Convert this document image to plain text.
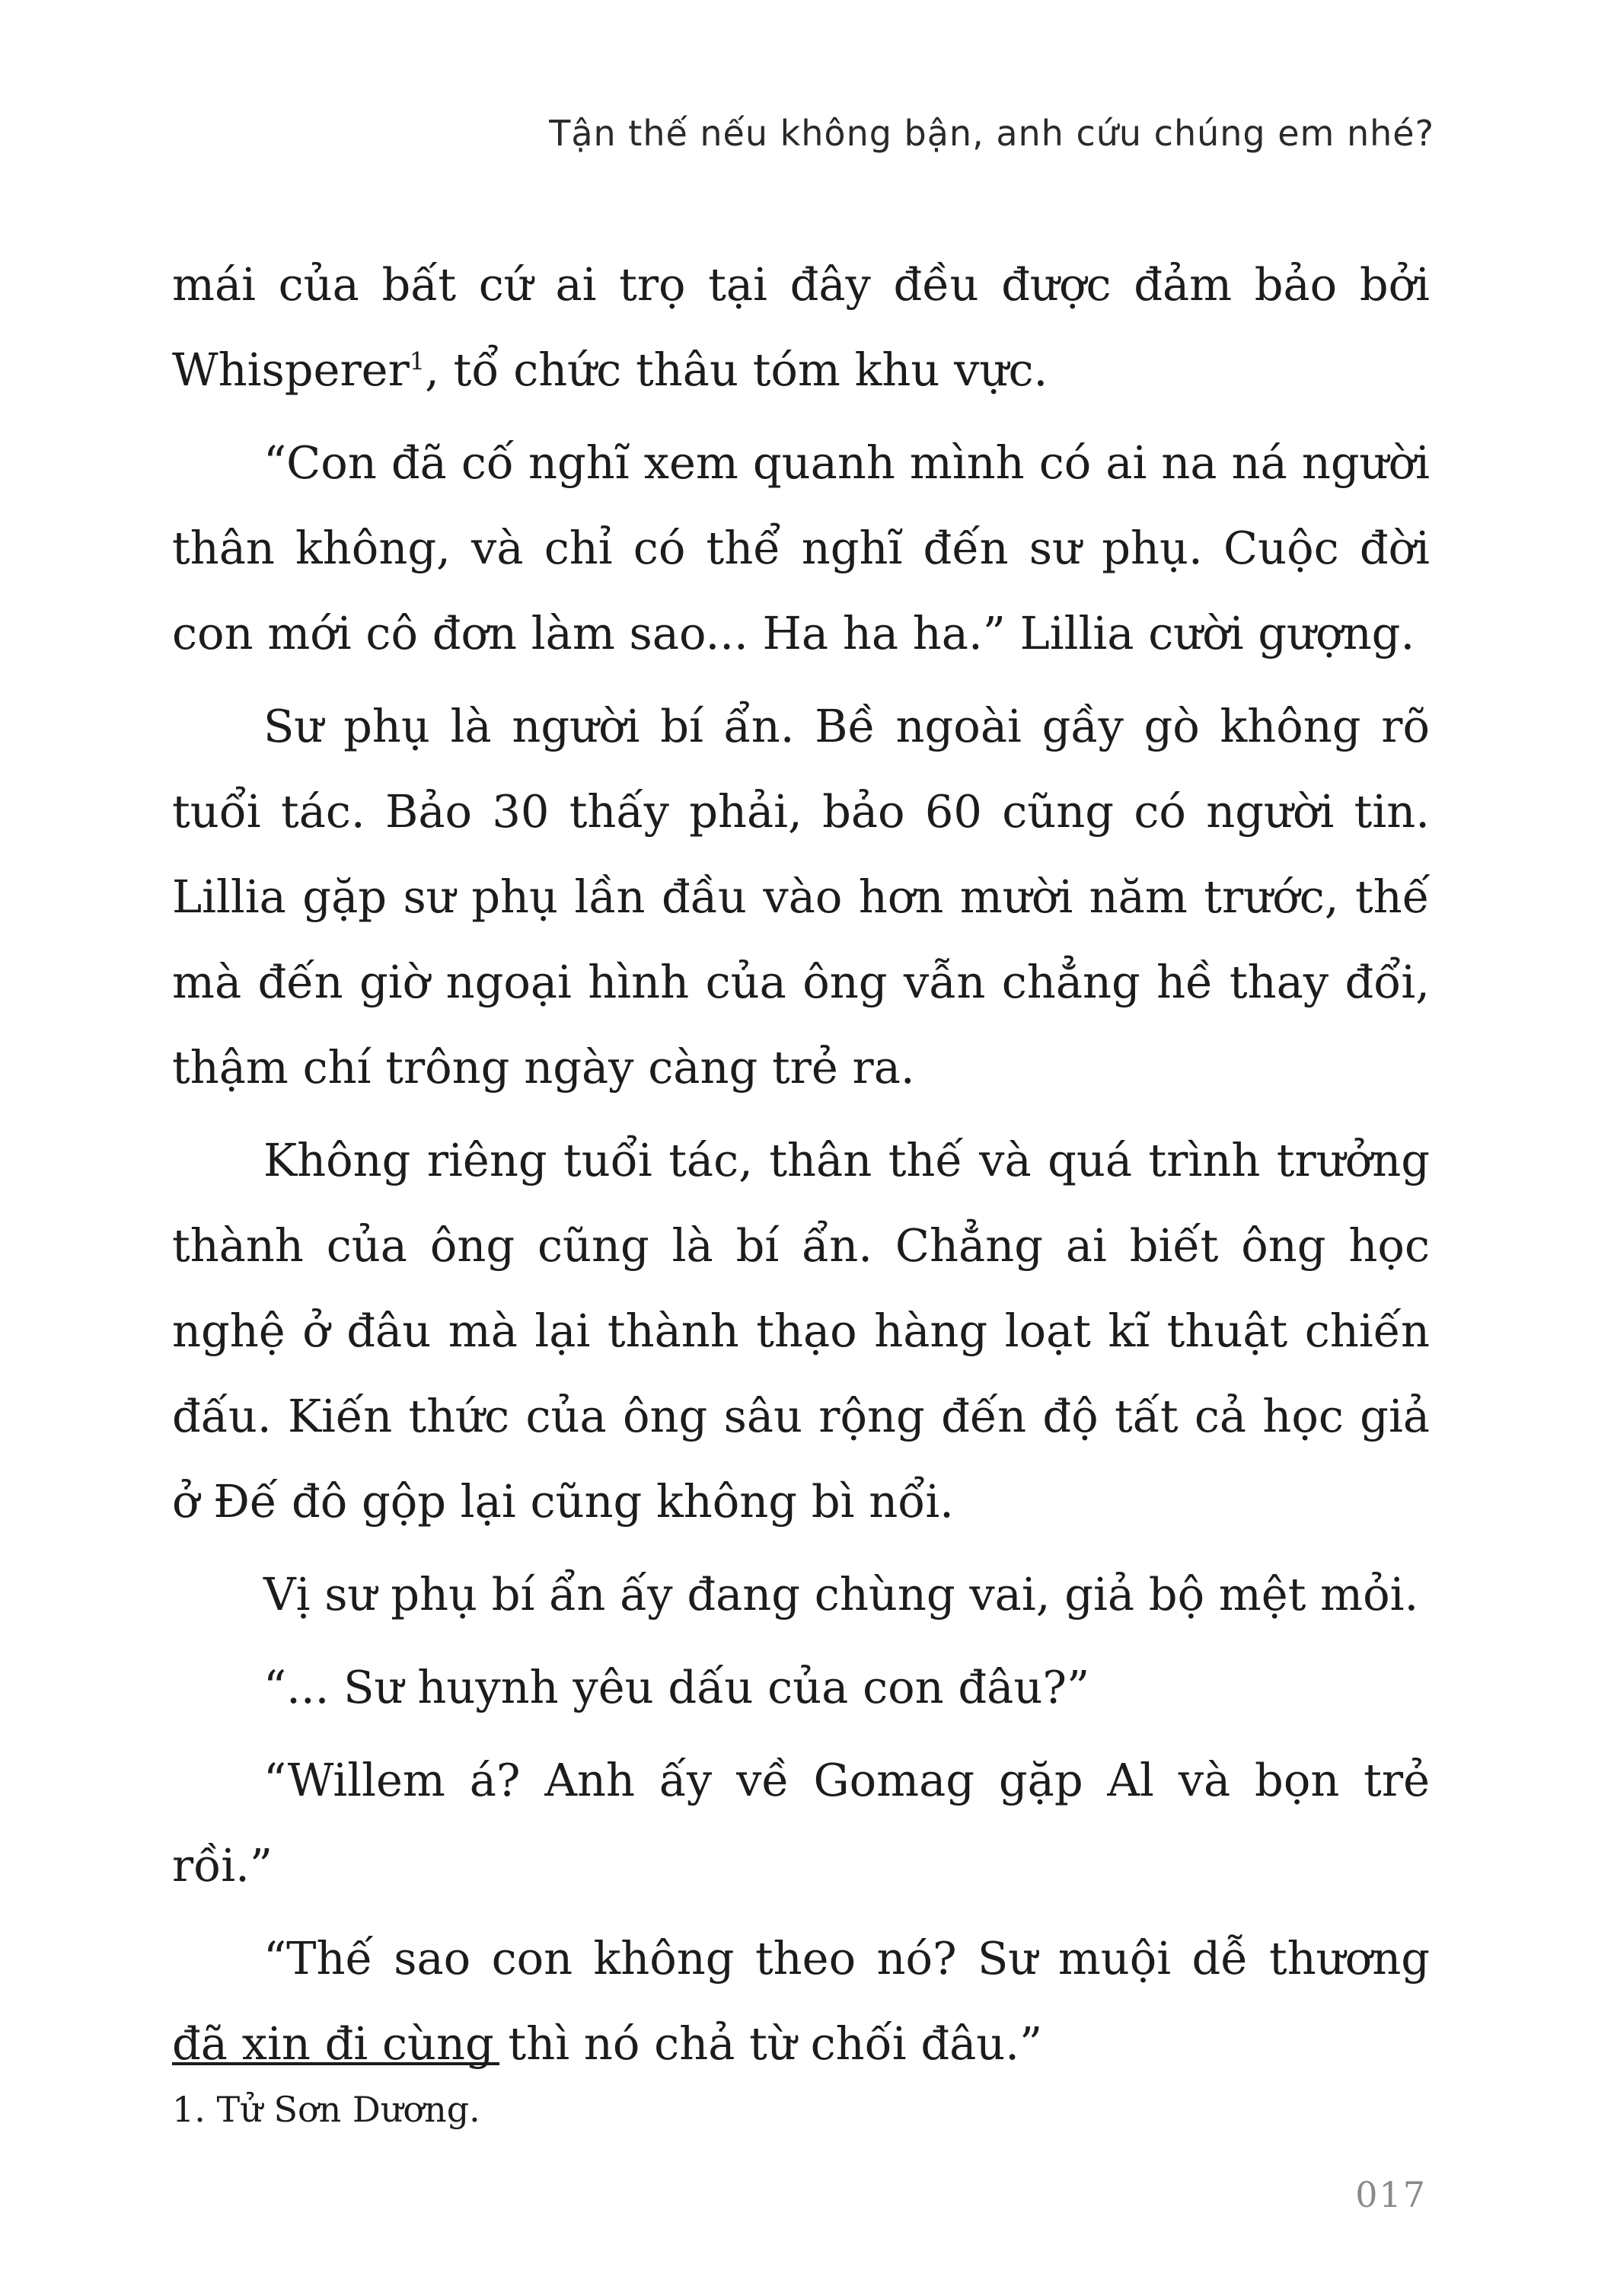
Tận thế nếu không bận, anh cứu chúng em nhé?

mái của bất cứ ai trọ tại đây đều được đảm bảo bởi Whisperer$^1$, tổ chức thâu tóm khu vực.

“Con đã cố nghĩ xem quanh mình có ai na ná người thân không, và chỉ có thể nghĩ đến sư phụ. Cuộc đời con mới cô đơn làm sao... Ha ha ha.” Lillia cười gượng.

Sư phụ là người bí ẩn. Bề ngoài gầy gò không rõ tuổi tác. Bảo 30 thấy phải, bảo 60 cũng có người tin. Lillia gặp sư phụ lần đầu vào hơn mười năm trước, thế mà đến giờ ngoại hình của ông vẫn chẳng hề thay đổi, thậm chí trông ngày càng trẻ ra.

Không riêng tuổi tác, thân thế và quá trình trưởng thành của ông cũng là bí ẩn. Chẳng ai biết ông học nghệ ở đâu mà lại thành thạo hàng loạt kĩ thuật chiến đấu. Kiến thức của ông sâu rộng đến độ tất cả học giả ở Đế đô gộp lại cũng không bì nổi.

Vị sư phụ bí ẩn ấy đang chùng vai, giả bộ mệt mỏi.

“... Sư huynh yêu dấu của con đâu?”

“Willem á? Anh ấy về Gomag gặp Al và bọn trẻ rồi.”

“Thế sao con không theo nó? Sư muội dễ thương đã xin đi cùng thì nó chả từ chối đâu.”

1. Tử Sơn Dương.
017
